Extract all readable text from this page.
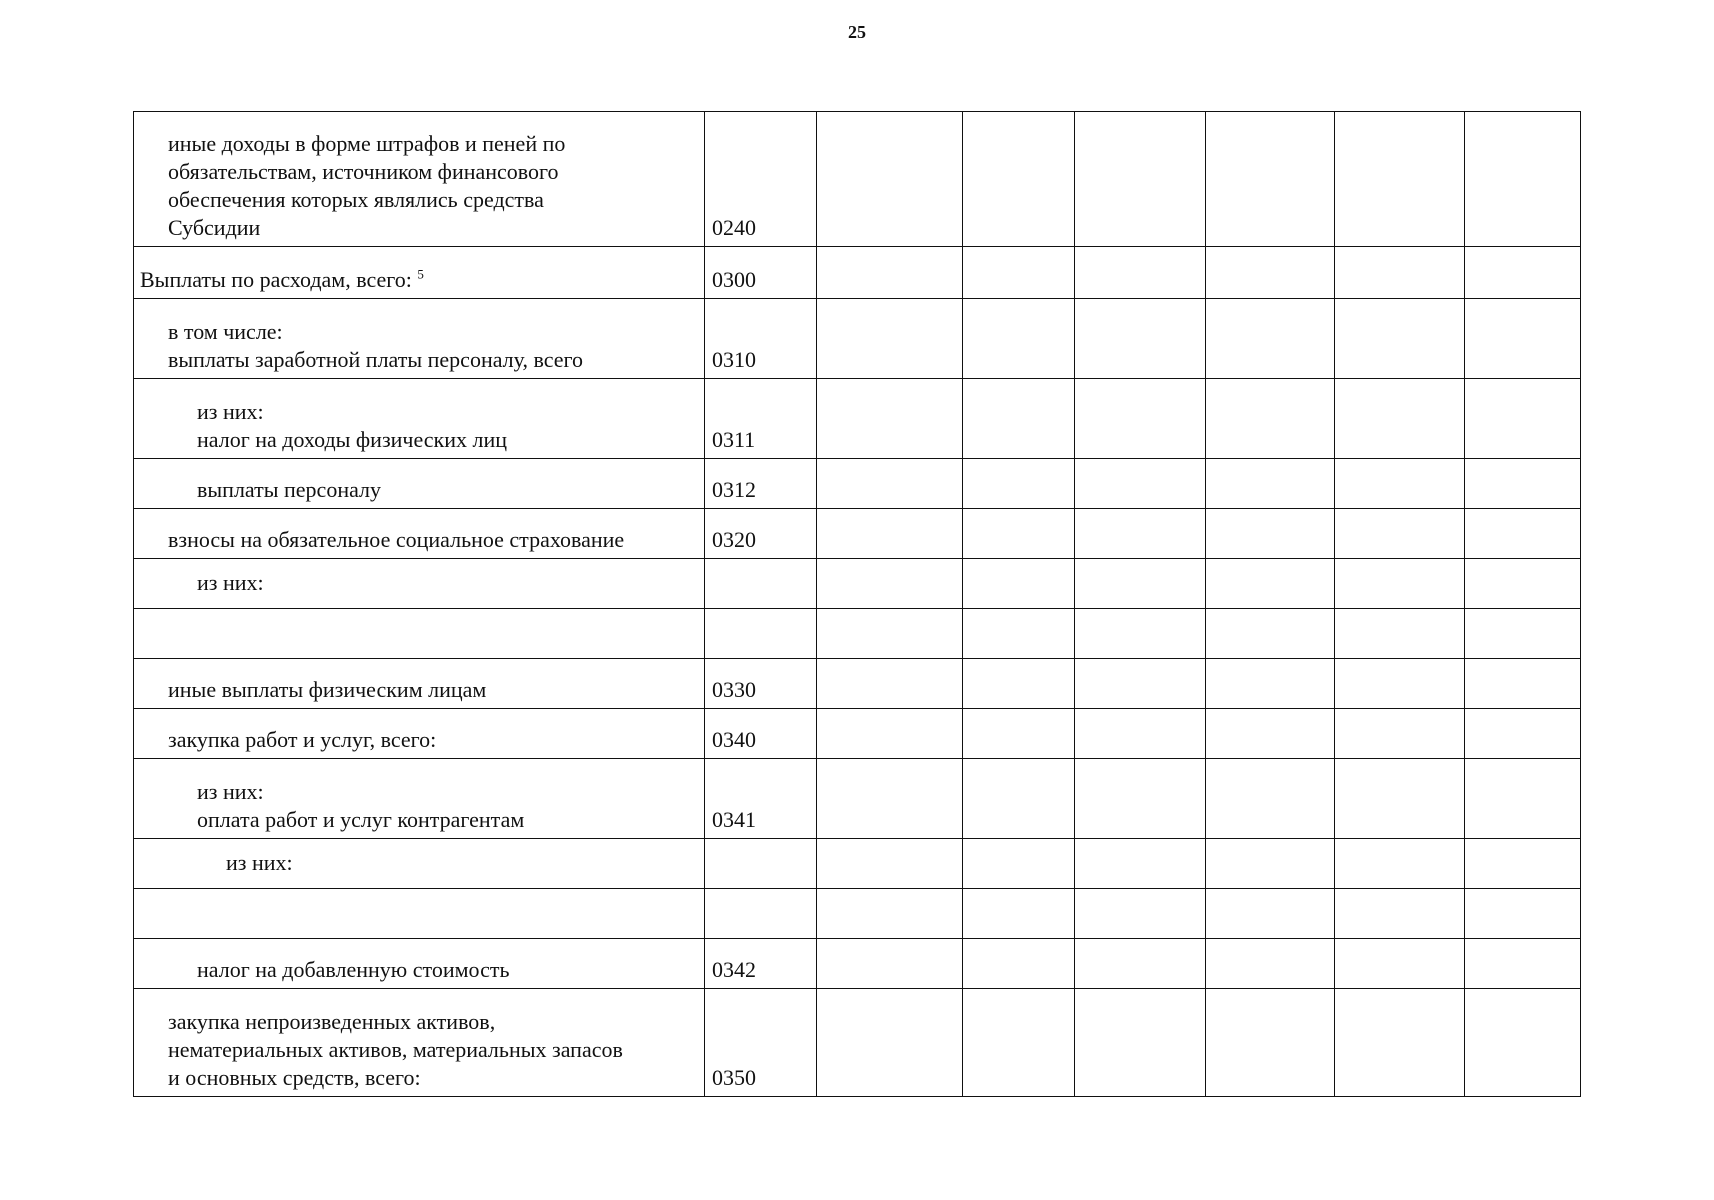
25
иные доходы в форме штрафов и пеней по
обязательствам, источником финансового
обеспечения которых являлись средства
Субсидии	0240						
Выплаты по расходам, всего: $^5$	0300						
в том числе:
выплаты заработной платы персоналу, всего	0310						
из них:
налог на доходы физических лиц	0311						
выплаты персоналу	0312						
взносы на обязательное социальное страхование	0320						
из них:							

иные выплаты физическим лицам	0330						
закупка работ и услуг, всего:	0340						
из них:
оплата работ и услуг контрагентам	0341						
из них:							

налог на добавленную стоимость	0342						
закупка непроизведенных активов,
нематериальных активов, материальных запасов
и основных средств, всего:	0350						
